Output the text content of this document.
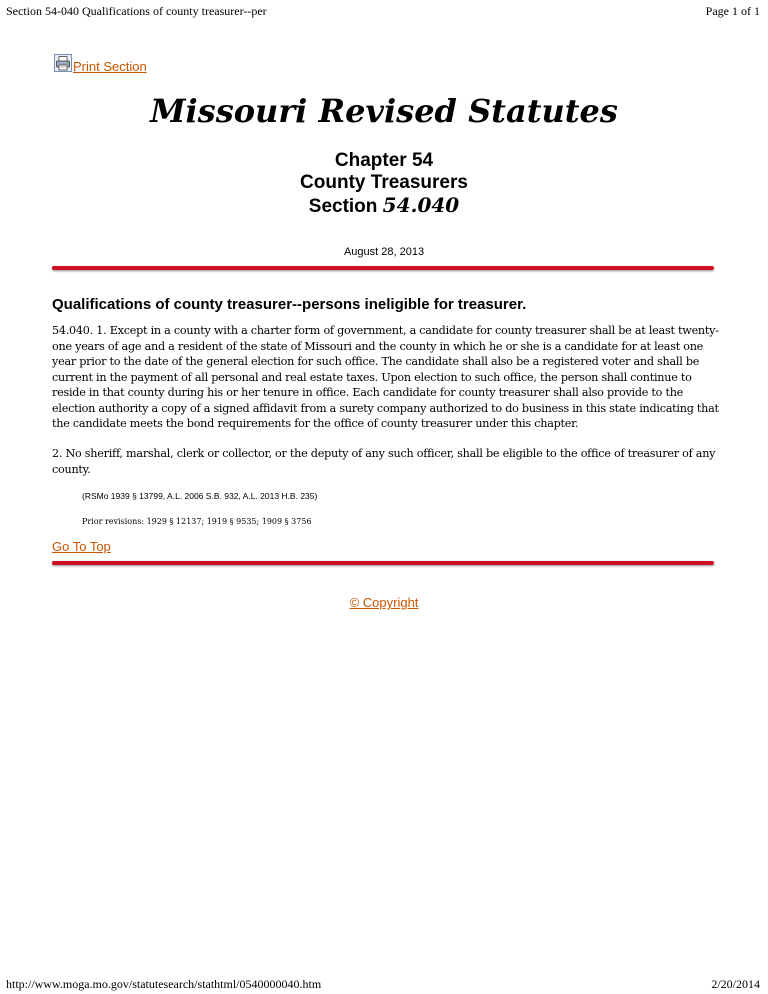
Section 54-040 Qualifications of county treasurer--per	Page 1 of 1
Print Section
Missouri Revised Statutes
Chapter 54
County Treasurers
Section 54.040
August 28, 2013
Qualifications of county treasurer--persons ineligible for treasurer.

54.040. 1. Except in a county with a charter form of government, a candidate for county treasurer shall be at least twenty-one years of age and a resident of the state of Missouri and the county in which he or she is a candidate for at least one year prior to the date of the general election for such office. The candidate shall also be a registered voter and shall be current in the payment of all personal and real estate taxes. Upon election to such office, the person shall continue to reside in that county during his or her tenure in office. Each candidate for county treasurer shall also provide to the election authority a copy of a signed affidavit from a surety company authorized to do business in this state indicating that the candidate meets the bond requirements for the office of county treasurer under this chapter.

2. No sheriff, marshal, clerk or collector, or the deputy of any such officer, shall be eligible to the office of treasurer of any county.

(RSMo 1939 § 13799, A.L. 2006 S.B. 932, A.L. 2013 H.B. 235)
Prior revisions: 1929 § 12137; 1919 § 9535; 1909 § 3756
Go To Top
© Copyright
http://www.moga.mo.gov/statutesearch/stathtml/0540000040.htm	2/20/2014
